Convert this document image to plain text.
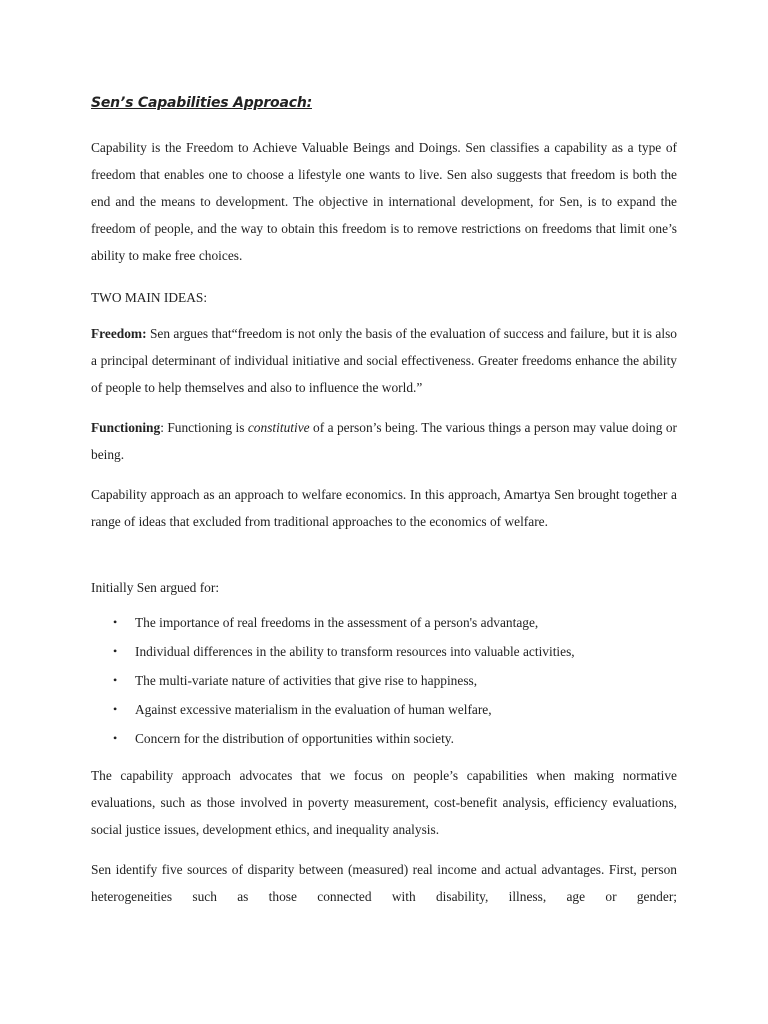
Sen’s Capabilities Approach:

Capability is the Freedom to Achieve Valuable Beings and Doings. Sen classifies a capability as a type of freedom that enables one to choose a lifestyle one wants to live. Sen also suggests that freedom is both the end and the means to development. The objective in international development, for Sen, is to expand the freedom of people, and the way to obtain this freedom is to remove restrictions on freedoms that limit one’s ability to make free choices.

TWO MAIN IDEAS:

Freedom: Sen argues that“freedom is not only the basis of the evaluation of success and failure, but it is also a principal determinant of individual initiative and social effectiveness. Greater freedoms enhance the ability of people to help themselves and also to influence the world.”

Functioning: Functioning is constitutive of a person’s being. The various things a person may value doing or being.

Capability approach as an approach to welfare economics. In this approach, Amartya Sen brought together a range of ideas that excluded from traditional approaches to the economics of welfare.

Initially Sen argued for:

• The importance of real freedoms in the assessment of a person's advantage,
• Individual differences in the ability to transform resources into valuable activities,
• The multi-variate nature of activities that give rise to happiness,
• Against excessive materialism in the evaluation of human welfare,
• Concern for the distribution of opportunities within society.

The capability approach advocates that we focus on people’s capabilities when making normative evaluations, such as those involved in poverty measurement, cost-benefit analysis, efficiency evaluations, social justice issues, development ethics, and inequality analysis.

Sen identify five sources of disparity between (measured) real income and actual advantages. First, person heterogeneities such as those connected with disability, illness, age or gender;
